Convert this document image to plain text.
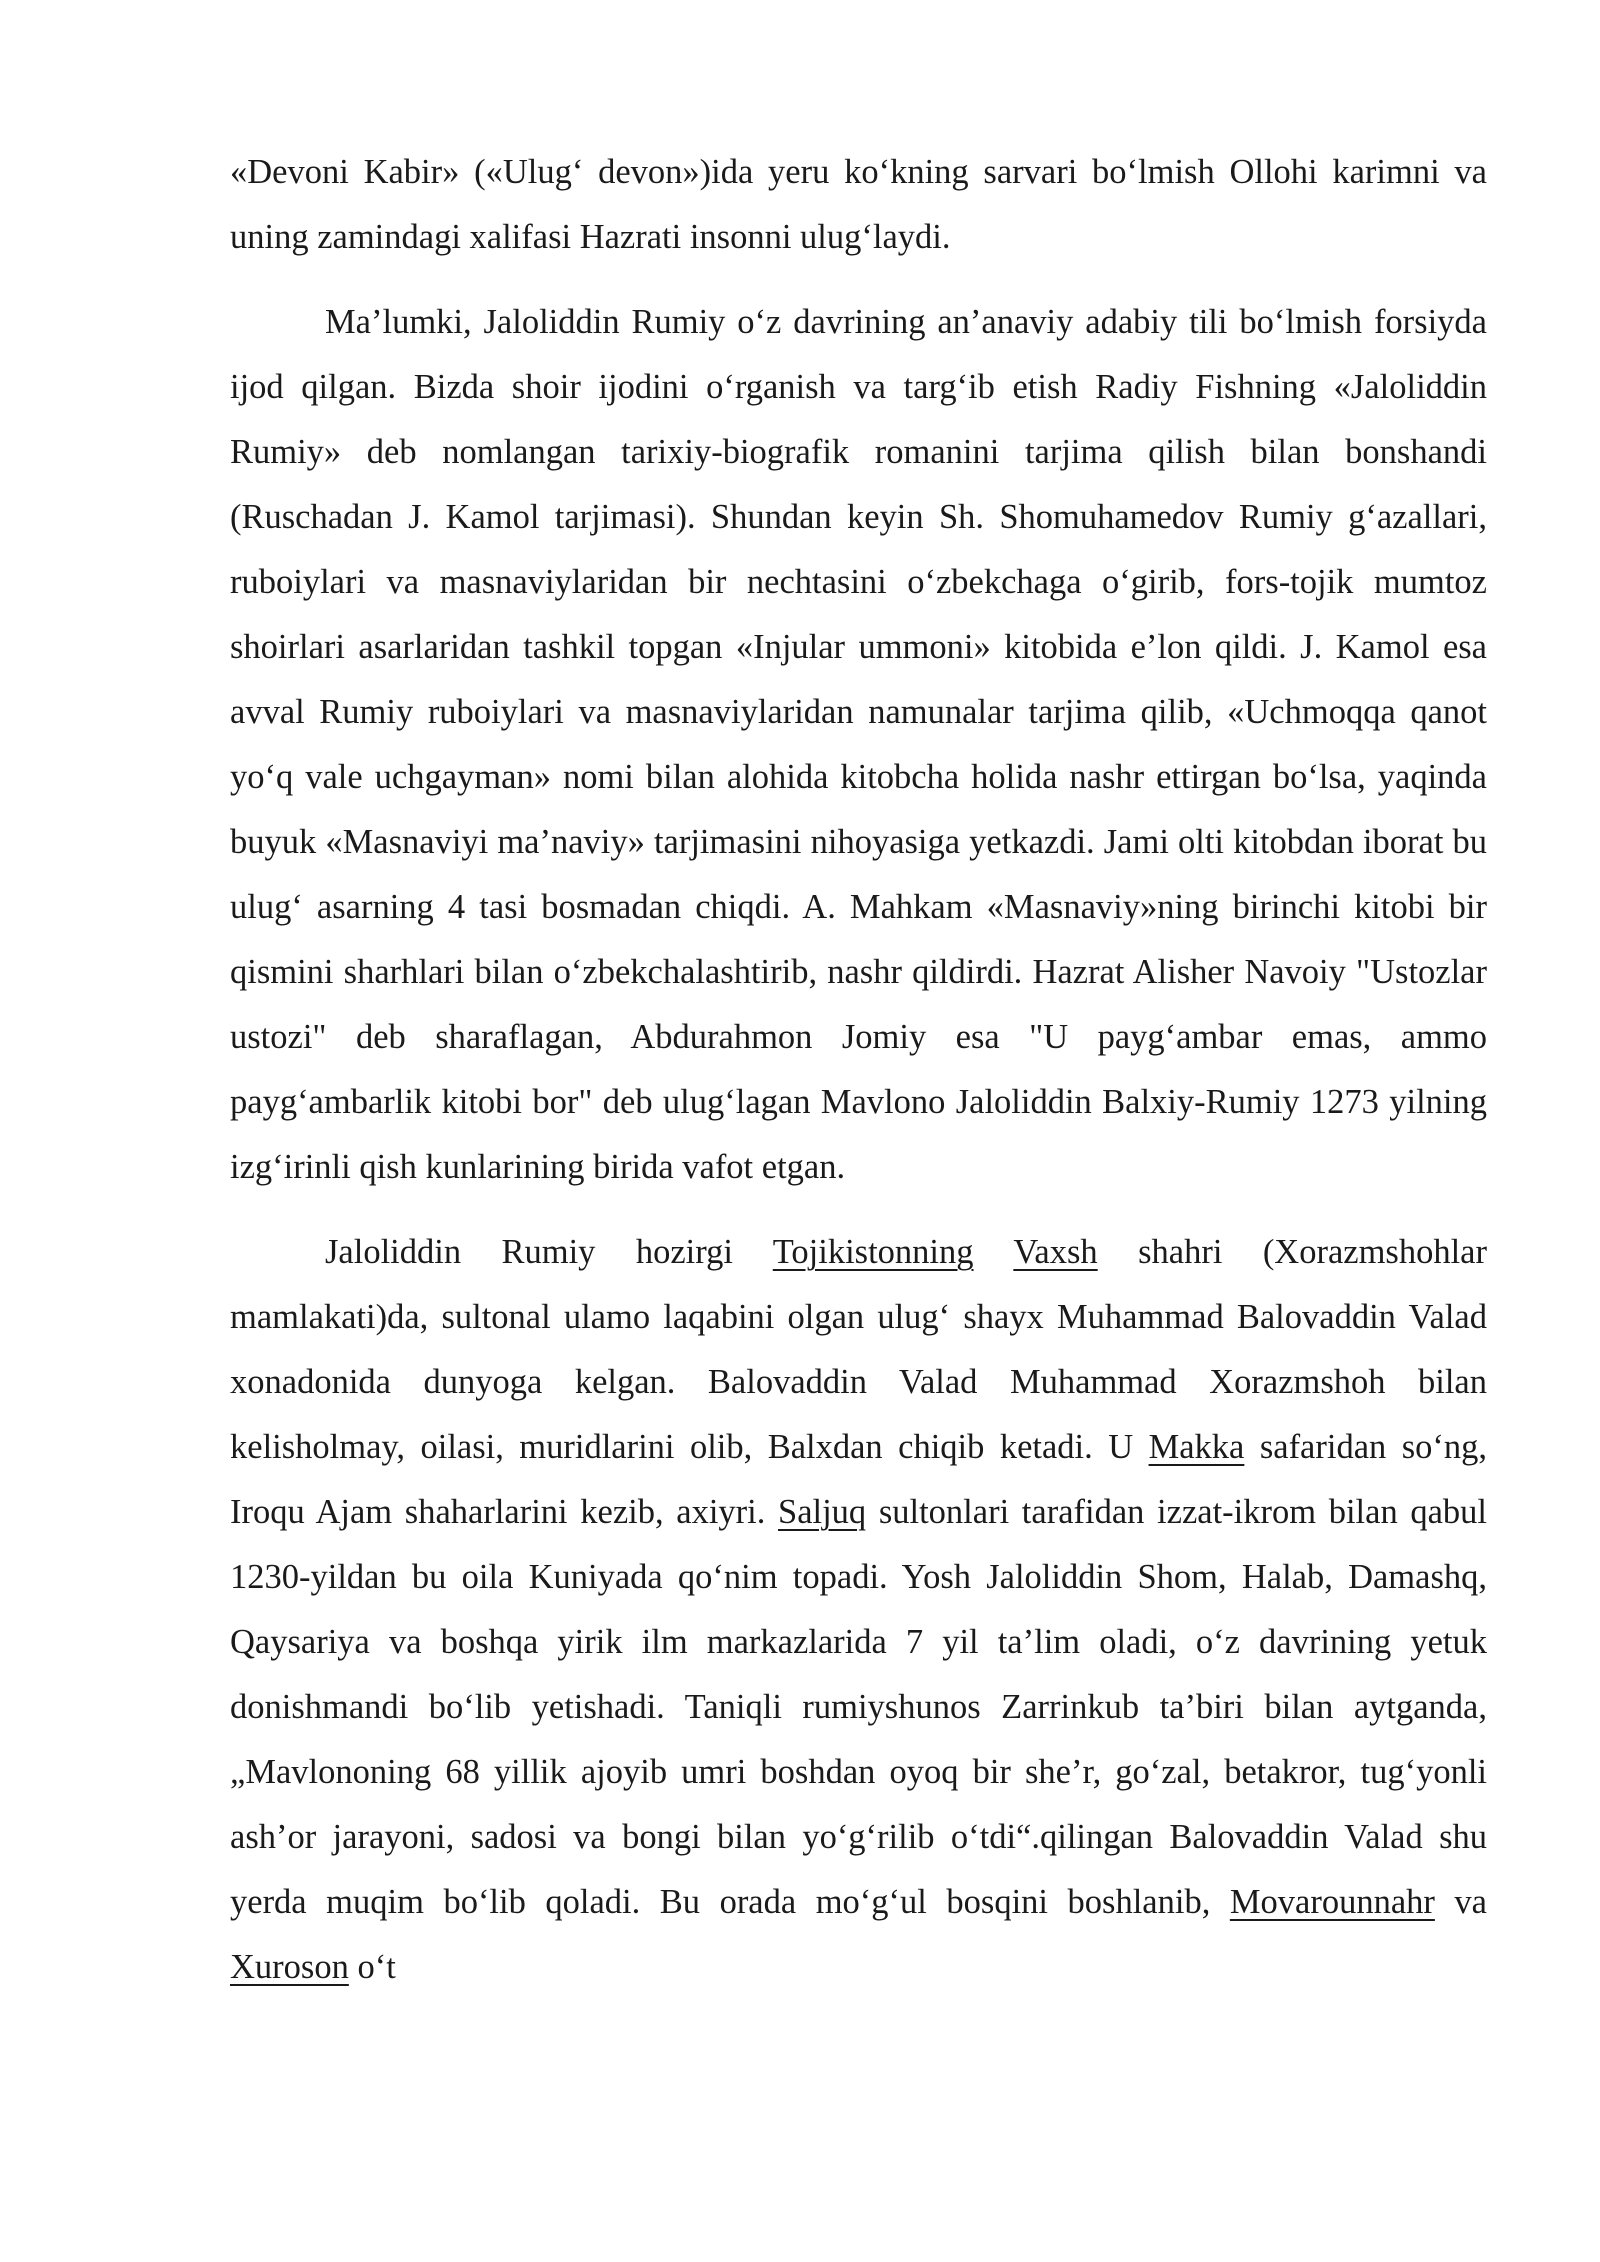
«Devoni Kabir» («Ulug‘ devon»)ida yeru ko‘kning sarvari bo‘lmish Ollohi karimni va uning zamindagi xalifasi Hazrati insonni ulug‘laydi.

Ma’lumki, Jaloliddin Rumiy o‘z davrining an’anaviy adabiy tili bo‘lmish forsiyda ijod qilgan. Bizda shoir ijodini o‘rganish va targ‘ib etish Radiy Fishning «Jaloliddin Rumiy» deb nomlangan tarixiy-biografik romanini tarjima qilish bilan bonshandi (Ruschadan J. Kamol tarjimasi). Shundan keyin Sh. Shomuhamedov Rumiy g‘azallari, ruboiylari va masnaviylaridan bir nechtasini o‘zbekchaga o‘girib, fors-tojik mumtoz shoirlari asarlaridan tashkil topgan «Injular ummoni» kitobida e’lon qildi. J. Kamol esa avval Rumiy ruboiylari va masnaviylaridan namunalar tarjima qilib, «Uchmoqqa qanot yo‘q vale uchgayman» nomi bilan alohida kitobcha holida nashr ettirgan bo‘lsa, yaqinda buyuk «Masnaviyi ma’naviy» tarjimasini nihoyasiga yetkazdi. Jami olti kitobdan iborat bu ulug‘ asarning 4 tasi bosmadan chiqdi. A. Mahkam «Masnaviy»ning birinchi kitobi bir qismini sharhlari bilan o‘zbekchalashtirib, nashr qildirdi. Hazrat Alisher Navoiy "Ustozlar ustozi" deb sharaflagan, Abdurahmon Jomiy esa "U payg‘ambar emas, ammo payg‘ambarlik kitobi bor" deb ulug‘lagan Mavlono Jaloliddin Balxiy-Rumiy 1273 yilning izg‘irinli qish kunlarining birida vafot etgan.

Jaloliddin Rumiy hozirgi Tojikistonning Vaxsh shahri (Xorazmshohlar mamlakati)da, sultonal ulamo laqabini olgan ulug‘ shayx Muhammad Balovaddin Valad xonadonida dunyoga kelgan. Balovaddin Valad Muhammad Xorazmshoh bilan kelisholmay, oilasi, muridlarini olib, Balxdan chiqib ketadi. U Makka safaridan so‘ng, Iroqu Ajam shaharlarini kezib, axiyri. Saljuq sultonlari tarafidan izzat-ikrom bilan qabul 1230-yildan bu oila Kuniyada qo‘nim topadi. Yosh Jaloliddin Shom, Halab, Damashq, Qaysariya va boshqa yirik ilm markazlarida 7 yil ta’lim oladi, o‘z davrining yetuk donishmandi bo‘lib yetishadi. Taniqli rumiyshunos Zarrinkub ta’biri bilan aytganda, „Mavlononing 68 yillik ajoyib umri boshdan oyoq bir she’r, go‘zal, betakror, tug‘yonli ash’or jarayoni, sadosi va bongi bilan yo‘g‘rilib o‘tdi“.qilingan Balovaddin Valad shu yerda muqim bo‘lib qoladi. Bu orada mo‘g‘ul bosqini boshlanib, Movarounnahr va Xuroson o‘t
